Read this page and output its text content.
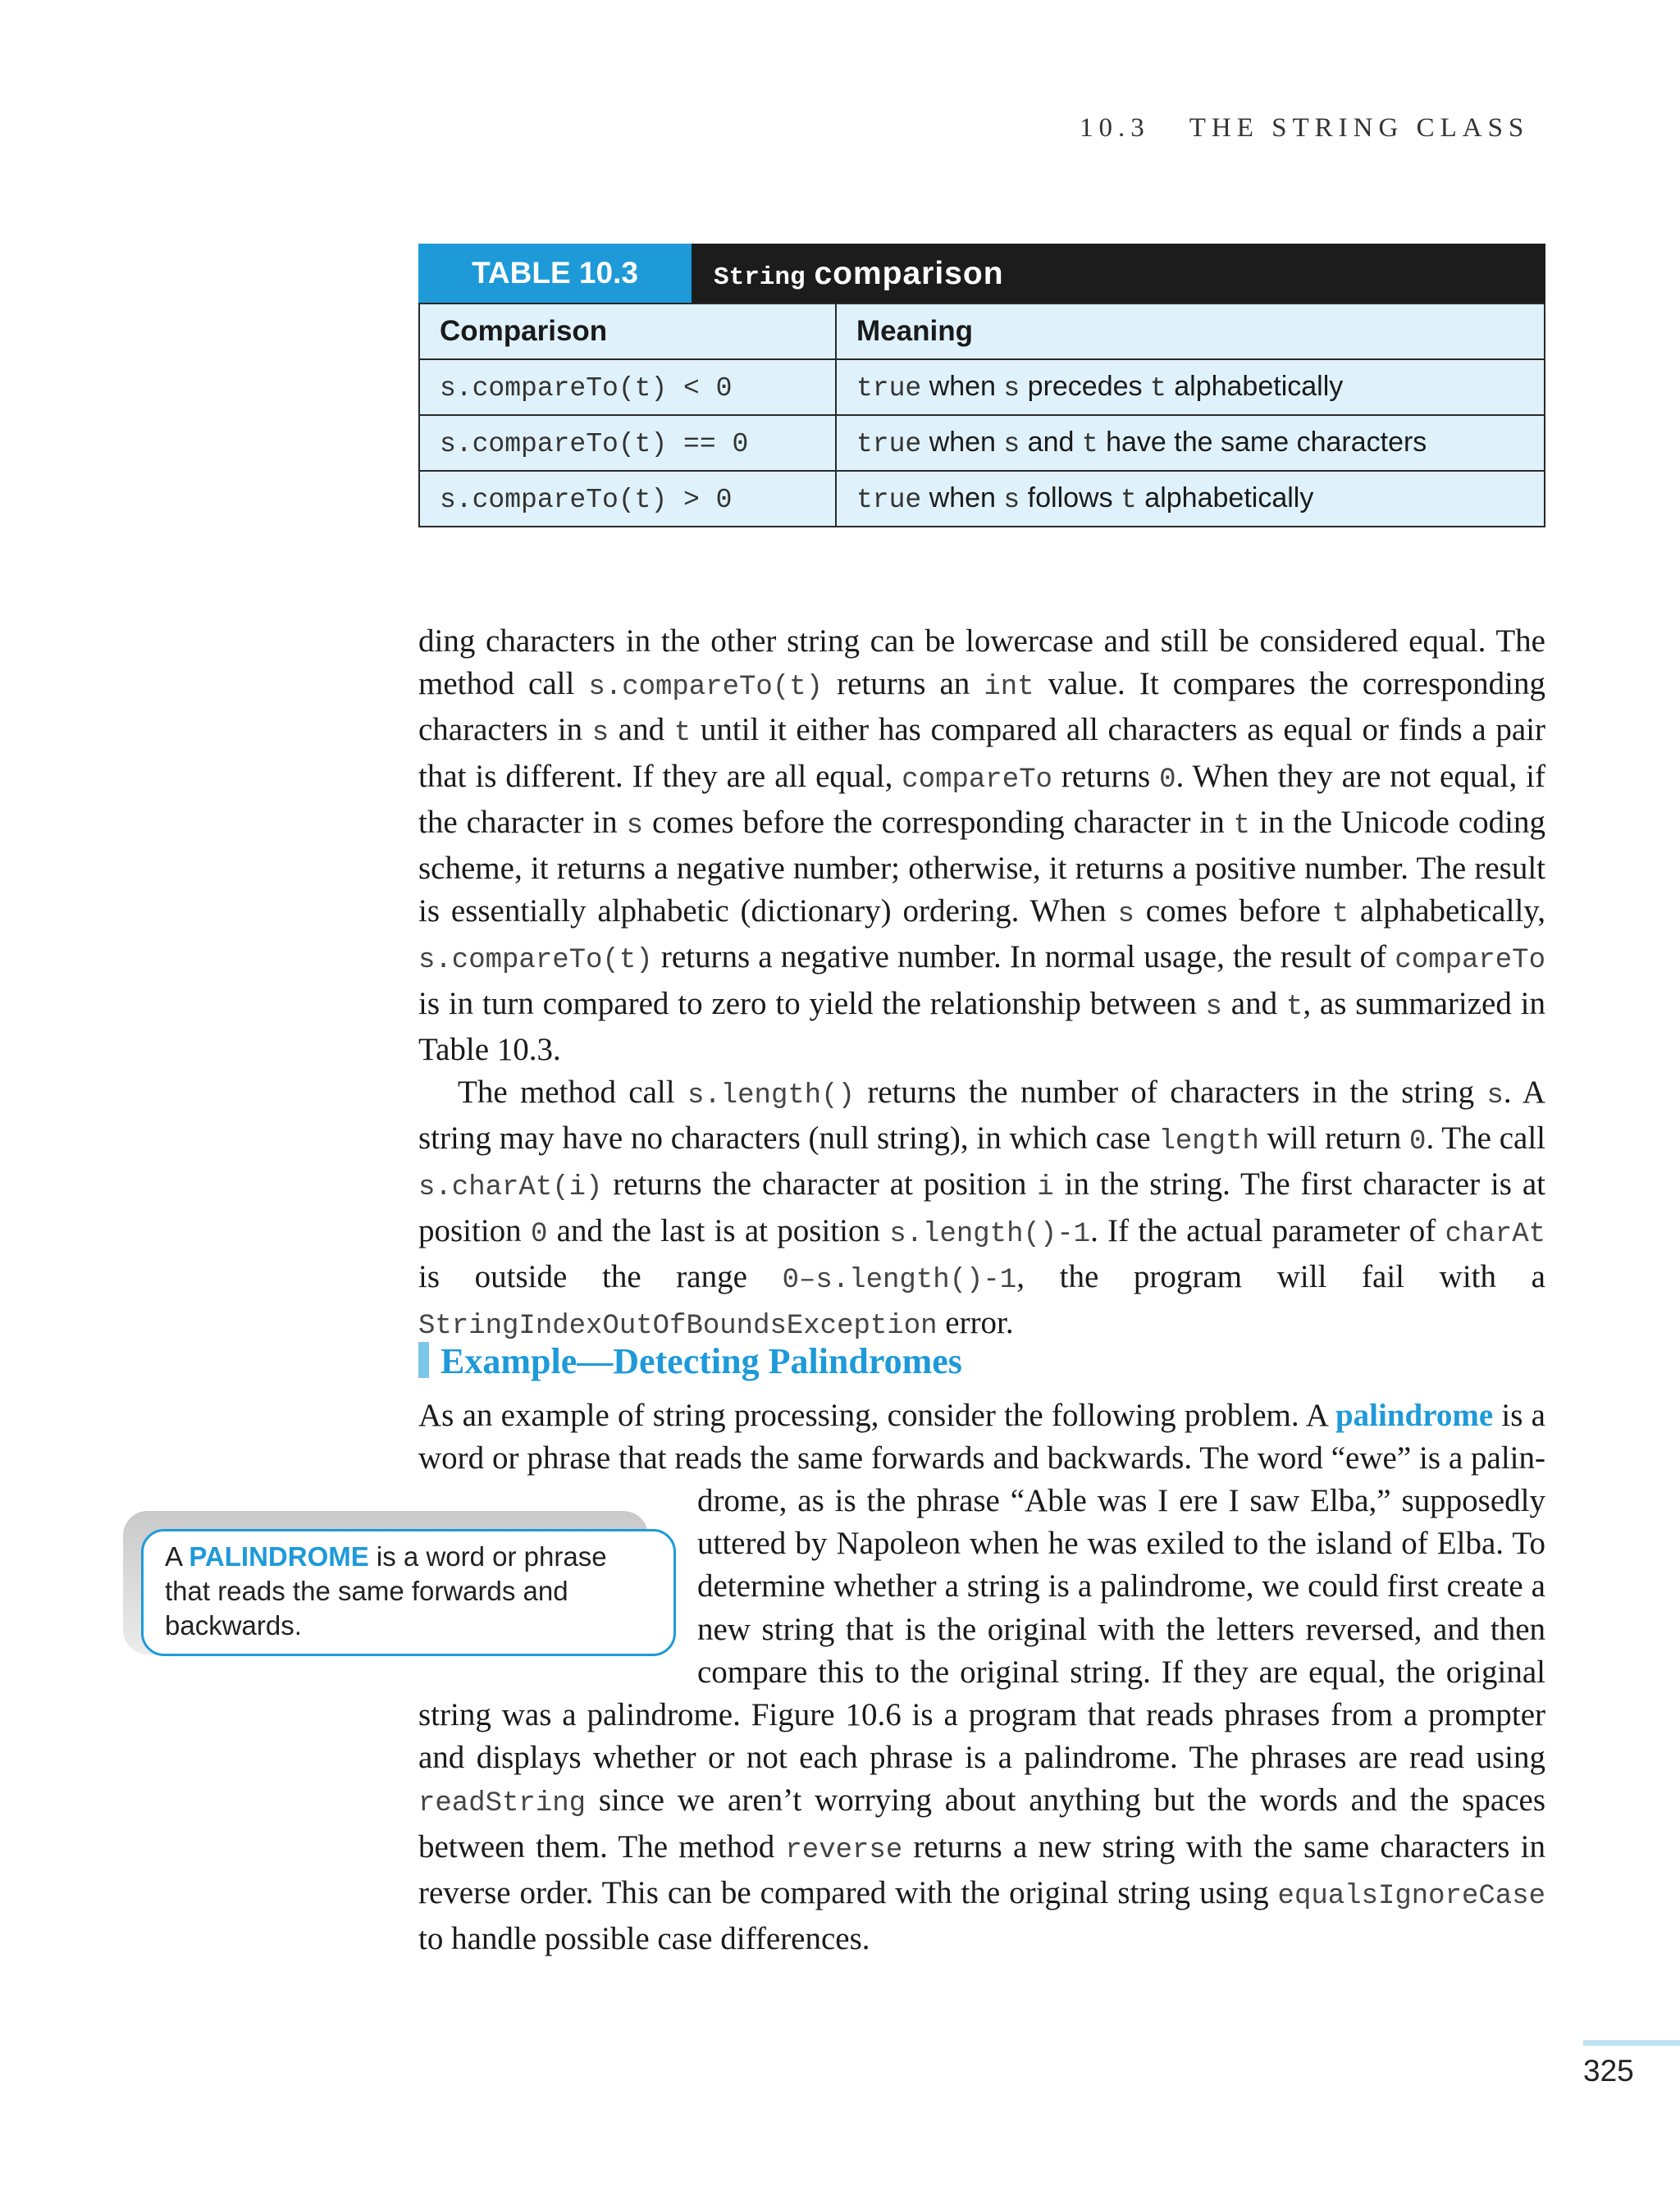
10.3 THE STRING CLASS
TABLE 10.3	String comparison
Comparison	Meaning
s.compareTo(t) < 0	true when s precedes t alphabetically
s.compareTo(t) == 0	true when s and t have the same characters
s.compareTo(t) > 0	true when s follows t alphabetically

ding characters in the other string can be lowercase and still be considered equal. The method call s.compareTo(t) returns an int value. It compares the corresponding characters in s and t until it either has compared all characters as equal or finds a pair that is different. If they are all equal, compareTo returns 0. When they are not equal, if the character in s comes before the corresponding character in t in the Unicode coding scheme, it returns a negative number; otherwise, it returns a positive number. The result is essentially alphabetic (dictionary) ordering. When s comes before t alphabetically, s.compareTo(t) returns a negative number. In normal usage, the result of compareTo is in turn compared to zero to yield the relationship between s and t, as summarized in Table 10.3.

The method call s.length() returns the number of characters in the string s. A string may have no characters (null string), in which case length will return 0. The call s.charAt(i) returns the character at position i in the string. The first character is at position 0 and the last is at position s.length()-1. If the actual parameter of charAt is outside the range 0–s.length()-1, the program will fail with a StringIndexOutOfBoundsException error.

Example—Detecting Palindromes
As an example of string processing, consider the following problem. A palindrome is a
word or phrase that reads the same forwards and backwards. The word “ewe” is a palin-
drome, as is the phrase “Able was I ere I saw Elba,” supposedly
uttered by Napoleon when he was exiled to the island of Elba. To
determine whether a string is a palindrome, we could first create a
new string that is the original with the letters reversed, and then
compare this to the original string. If they are equal, the original

string was a palindrome. Figure 10.6 is a program that reads phrases from a prompter and displays whether or not each phrase is a palindrome. The phrases are read using readString since we aren’t worrying about anything but the words and the spaces between them. The method reverse returns a new string with the same characters in reverse order. This can be compared with the original string using equalsIgnoreCase to handle possible case differences.

A PALINDROME is a word or phrase that reads the same forwards and backwards.
325
